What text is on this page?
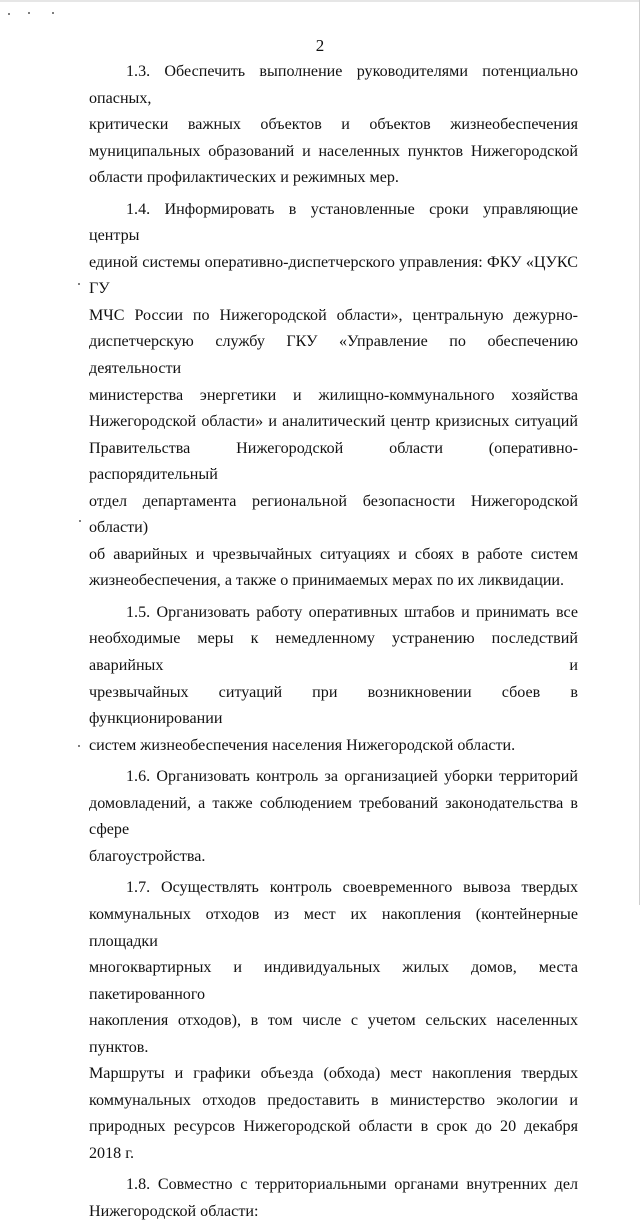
2
1.3. Обеспечить выполнение руководителями потенциально опасных,
критически важных объектов и объектов жизнеобеспечения
муниципальных образований и населенных пунктов Нижегородской
области профилактических и режимных мер.
1.4. Информировать в установленные сроки управляющие центры
единой системы оперативно-диспетчерского управления: ФКУ «ЦУКС ГУ
МЧС России по Нижегородской области», центральную дежурно-
диспетчерскую службу ГКУ «Управление по обеспечению деятельности
министерства энергетики и жилищно-коммунального хозяйства
Нижегородской области» и аналитический центр кризисных ситуаций
Правительства Нижегородской области (оперативно-распорядительный
отдел департамента региональной безопасности Нижегородской области)
об аварийных и чрезвычайных ситуациях и сбоях в работе систем
жизнеобеспечения, а также о принимаемых мерах по их ликвидации.
1.5. Организовать работу оперативных штабов и принимать все
необходимые меры к немедленному устранению последствий аварийных и
чрезвычайных ситуаций при возникновении сбоев в функционировании
систем жизнеобеспечения населения Нижегородской области.
1.6. Организовать контроль за организацией уборки территорий
домовладений, а также соблюдением требований законодательства в сфере
благоустройства.
1.7. Осуществлять контроль своевременного вывоза твердых
коммунальных отходов из мест их накопления (контейнерные площадки
многоквартирных и индивидуальных жилых домов, места пакетированного
накопления отходов), в том числе с учетом сельских населенных пунктов.
Маршруты и графики объезда (обхода) мест накопления твердых
коммунальных отходов предоставить в министерство экологии и
природных ресурсов Нижегородской области в срок до 20 декабря 2018 г.
1.8. Совместно с территориальными органами внутренних дел
Нижегородской области:
